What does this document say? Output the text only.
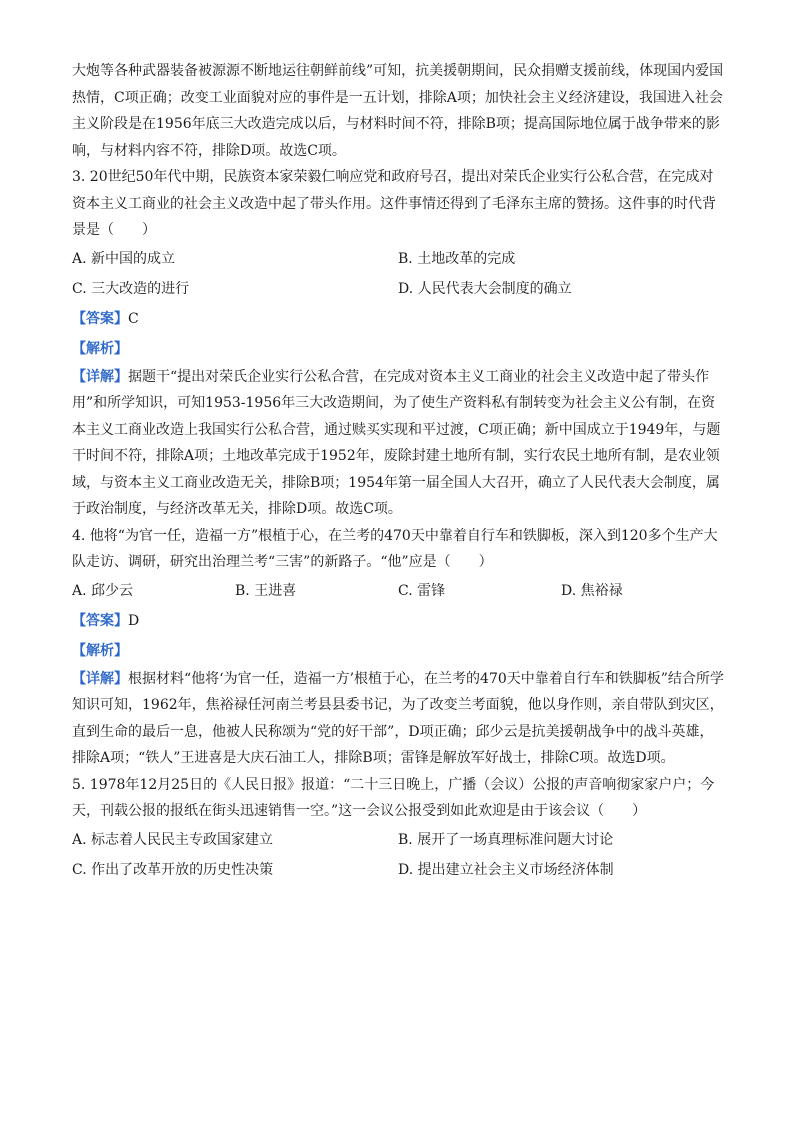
大炮等各种武器装备被源源不断地运往朝鲜前线”可知，抗美援朝期间，民众捐赠支援前线，体现国内爱国热情，C项正确；改变工业面貌对应的事件是一五计划，排除A项；加快社会主义经济建设，我国进入社会主义阶段是在1956年底三大改造完成以后，与材料时间不符，排除B项；提高国际地位属于战争带来的影响，与材料内容不符，排除D项。故选C项。

3. 20世纪50年代中期，民族资本家荣毅仁响应党和政府号召，提出对荣氏企业实行公私合营，在完成对资本主义工商业的社会主义改造中起了带头作用。这件事情还得到了毛泽东主席的赞扬。这件事的时代背景是（　　）

A. 新中国的成立	B. 土地改革的完成
C. 三大改造的进行	D. 人民代表大会制度的确立

【答案】C

【解析】

【详解】据题干“提出对荣氏企业实行公私合营，在完成对资本主义工商业的社会主义改造中起了带头作用”和所学知识，可知1953-1956年三大改造期间，为了使生产资料私有制转变为社会主义公有制，在资本主义工商业改造上我国实行公私合营，通过赎买实现和平过渡，C项正确；新中国成立于1949年，与题干时间不符，排除A项；土地改革完成于1952年，废除封建土地所有制，实行农民土地所有制，是农业领域，与资本主义工商业改造无关，排除B项；1954年第一届全国人大召开，确立了人民代表大会制度，属于政治制度，与经济改革无关，排除D项。故选C项。

4. 他将“为官一任，造福一方”根植于心，在兰考的470天中靠着自行车和铁脚板，深入到120多个生产大队走访、调研，研究出治理兰考“三害”的新路子。“他”应是（　　）

A. 邱少云	B. 王进喜	C. 雷锋	D. 焦裕禄

【答案】D

【解析】

【详解】根据材料“他将‘为官一任，造福一方’根植于心，在兰考的470天中靠着自行车和铁脚板”结合所学知识可知，1962年，焦裕禄任河南兰考县县委书记，为了改变兰考面貌，他以身作则，亲自带队到灾区，直到生命的最后一息，他被人民称颂为“党的好干部”，D项正确；邱少云是抗美援朝战争中的战斗英雄，排除A项；“铁人”王进喜是大庆石油工人，排除B项；雷锋是解放军好战士，排除C项。故选D项。

5. 1978年12月25日的《人民日报》报道：“二十三日晚上，广播（会议）公报的声音响彻家家户户；今天，刊载公报的报纸在街头迅速销售一空。”这一会议公报受到如此欢迎是由于该会议（　　）

A. 标志着人民民主专政国家建立	B. 展开了一场真理标准问题大讨论
C. 作出了改革开放的历史性决策	D. 提出建立社会主义市场经济体制
